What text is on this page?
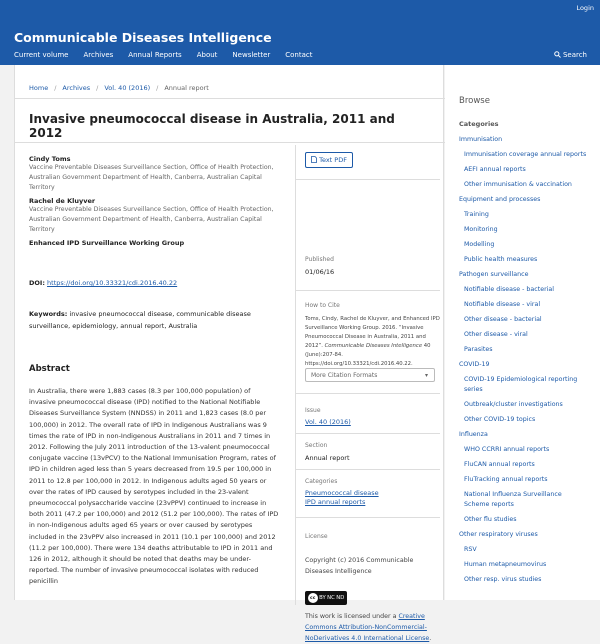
Login
Communicable Diseases Intelligence
Current volume Archives Annual Reports About Newsletter Contact	Search
Home / Archives / Vol. 40 (2016) / Annual report
Invasive pneumococcal disease in Australia, 2011 and 2012
Cindy Toms
Vaccine Preventable Diseases Surveillance Section, Office of Health Protection, Australian Government Department of Health, Canberra, Australian Capital Territory
Rachel de Kluyver
Vaccine Preventable Diseases Surveillance Section, Office of Health Protection, Australian Government Department of Health, Canberra, Australian Capital Territory
Enhanced IPD Surveillance Working Group
DOI: https://doi.org/10.33321/cdi.2016.40.22
Keywords: invasive pneumococcal disease, communicable disease surveillance, epidemiology, annual report, Australia
Abstract
In Australia, there were 1,883 cases (8.3 per 100,000 population) of invasive pneumococcal disease (IPD) notified to the National Notifiable Diseases Surveillance System (NNDSS) in 2011 and 1,823 cases (8.0 per 100,000) in 2012. The overall rate of IPD in Indigenous Australians was 9 times the rate of IPD in non-Indigenous Australians in 2011 and 7 times in 2012. Following the July 2011 introduction of the 13-valent pneumococcal conjugate vaccine (13vPCV) to the National Immunisation Program, rates of IPD in children aged less than 5 years decreased from 19.5 per 100,000 in 2011 to 12.8 per 100,000 in 2012. In Indigenous adults aged 50 years or over the rates of IPD caused by serotypes included in the 23-valent pneumococcal polysaccharide vaccine (23vPPV) continued to increase in both 2011 (47.2 per 100,000) and 2012 (51.2 per 100,000). The rates of IPD in non-Indigenous adults aged 65 years or over caused by serotypes included in the 23vPPV also increased in 2011 (10.1 per 100,000) and 2012 (11.2 per 100,000). There were 134 deaths attributable to IPD in 2011 and 126 in 2012, although it should be noted that deaths may be under-reported. The number of invasive pneumococcal isolates with reduced penicillin
Text PDF
Published
01/06/16
How to Cite
Toms, Cindy, Rachel de Kluyver, and Enhanced IPD Surveillance Working Group. 2016. “Invasive Pneumococcal Disease in Australia, 2011 and 2012”. Communicable Diseases Intelligence 40 (June):207-84. https://doi.org/10.33321/cdi.2016.40.22.
More Citation Formats	▾
Issue
Vol. 40 (2016)
Section
Annual report
Categories
Pneumococcal disease
IPD annual reports
License
Copyright (c) 2016 Communicable Diseases Intelligence
cc BY NC ND
This work is licensed under a Creative Commons Attribution-NonCommercial-NoDerivatives 4.0 International License.
Browse
Categories
Immunisation
Immunisation coverage annual reports
AEFI annual reports
Other immunisation & vaccination
Equipment and processes
Training
Monitoring
Modelling
Public health measures
Pathogen surveillance
Notifiable disease - bacterial
Notifiable disease - viral
Other disease - bacterial
Other disease - viral
Parasites
COVID-19
COVID-19 Epidemiological reporting series
Outbreak/cluster investigations
Other COVID-19 topics
Influenza
WHO CCRRI annual reports
FluCAN annual reports
FluTracking annual reports
National Influenza Surveillance Scheme reports
Other flu studies
Other respiratory viruses
RSV
Human metapneumovirus
Other resp. virus studies
